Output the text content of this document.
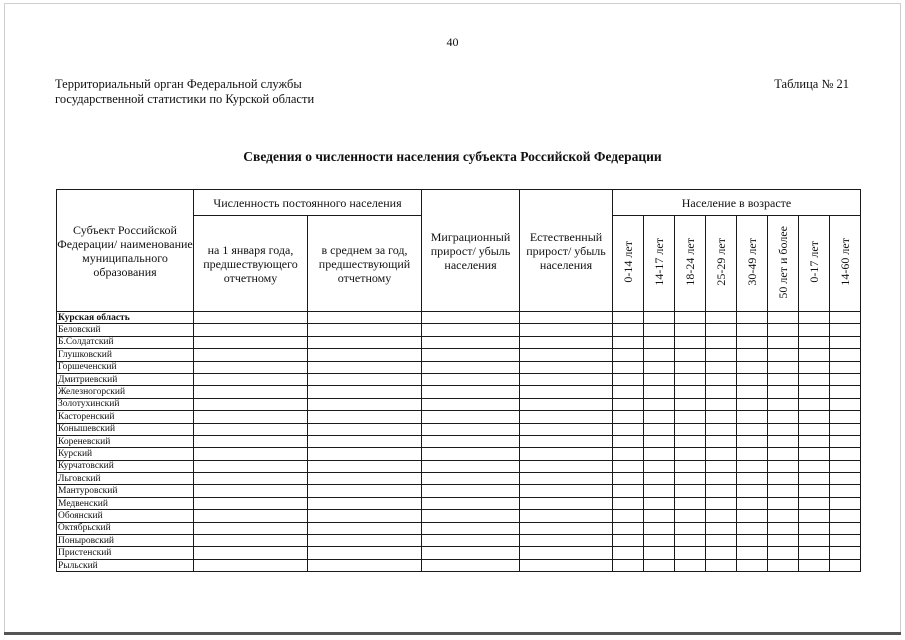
40
Территориальный орган Федеральной службы
государственной статистики по Курской области
Таблица № 21
Сведения о численности населения субъекта Российской Федерации
Субъект Российской Федерации/ наименование муниципального образования	Численность постоянного населения		Миграционный прирост/ убыль населения	Естественный прирост/ убыль населения	Население в возрасте							
	на 1 января года, предшествующего отчетному	в среднем за год, предшествующий отчетному			0-14 лет	14-17 лет	18-24 лет	25-29 лет	30-49 лет	50 лет и более	0-17 лет	14-60 лет
Курская область												
Беловский												
Б.Солдатский												
Глушковский												
Горшеченский												
Дмитриевский												
Железногорский												
Золотухинский												
Касторенский												
Конышевский												
Кореневский												
Курский												
Курчатовский												
Льговский												
Мантуровский												
Медвенский												
Обоянский												
Октябрьский												
Поныровский												
Пристенский												
Рыльский												
